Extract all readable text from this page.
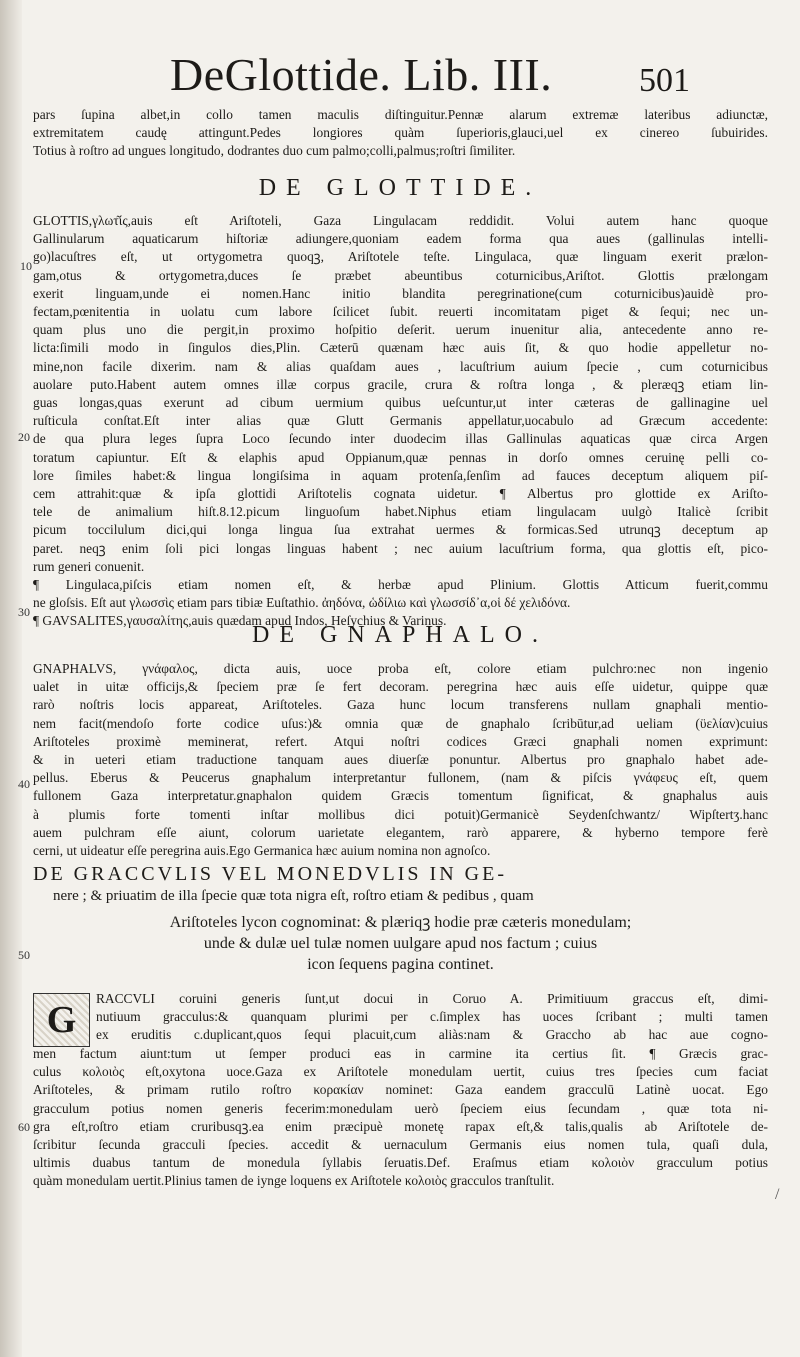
DeGlottide. Lib. III.	501
10
20
30
40
50
60

pars ſupina albet,in collo tamen maculis diſtinguitur.Pennæ alarum extremæ lateribus adiunctæ,

extremitatem caudę attingunt.Pedes longiores quàm ſuperioris,glauci,uel ex cinereo ſubuirides.

Totius à roſtro ad ungues longitudo, dodrantes duo cum palmo;colli,palmus;roſtri ſimiliter.

DE GLOTTIDE.

GLOTTIS,γλωτ͂ίς,auis eſt Ariſtoteli, Gaza Lingulacam reddidit. Volui autem hanc quoque

Gallinularum aquaticarum hiſtoriæ adiungere,quoniam eadem forma qua aues (gallinulas intelli-

go)lacuſtres eſt, ut ortygometra quoqꝫ, Ariſtotele teſte. Lingulaca, quæ linguam exerit prælon-

gam,otus & ortygometra,duces ſe præbet abeuntibus coturnicibus,Ariſtot. Glottis prælongam

exerit linguam,unde ei nomen.Hanc initio blandita peregrinatione(cum coturnicibus)auidè pro-

fectam,pœnitentia in uolatu cum labore ſcilicet ſubit. reuerti incomitatam piget & ſequi; nec un-

quam plus uno die pergit,in proximo hoſpitio deſerit. uerum inuenitur alia, antecedente anno re-

licta:ſimili modo in ſingulos dies,Plin. Cæterū quænam hæc auis ſit, & quo hodie appelletur no-

mine,non facile dixerim. nam & alias quaſdam aues , lacuſtrium auium ſpecie , cum coturnicibus

auolare puto.Habent autem omnes illæ corpus gracile, crura & roſtra longa , & pleræqꝫ etiam lin-

guas longas,quas exerunt ad cibum uermium quibus ueſcuntur,ut inter cæteras de gallinagine uel

ruſticula conſtat.Eſt inter alias quæ Glutt Germanis appellatur,uocabulo ad Græcum accedente:

de qua plura leges ſupra Loco ſecundo inter duodecim illas Gallinulas aquaticas quæ circa Argen

toratum capiuntur. Eſt & elaphis apud Oppianum,quæ pennas in dorſo omnes ceruinę pelli co-

lore ſimiles habet:& lingua longiſsima in aquam protenſa,ſenſim ad fauces deceptum aliquem piſ-

cem attrahit:quæ & ipſa glottidi Ariſtotelis cognata uidetur. ¶ Albertus pro glottide ex Ariſto-

tele de animalium hiſt.8.12.picum linguoſum habet.Niphus etiam lingulacam uulgò Italicè ſcribit

picum toccilulum dici,qui longa lingua ſua extrahat uermes & formicas.Sed utrunqꝫ deceptum ap

paret. neqꝫ enim ſoli pici longas linguas habent ; nec auium lacuſtrium forma, qua glottis eſt, pico-

rum generi conuenit.

¶ Lingulaca,piſcis etiam nomen eſt, & herbæ apud Plinium. Glottis Atticum fuerit,commu

ne gloſsis. Eſt aut γλωσσὶς etiam pars tibiæ Euſtathio. ἀηδόνα, ὡδίλιω καὶ γλωσσίδ᾽α,οἱ δέ χελιδόνα.

¶ GAVSALITES,γαυσαλίτης,auis quædam apud Indos, Heſychius & Varinus.

DE GNAPHALO.

GNAPHALVS, γνάφαλος, dicta auis, uoce proba eſt, colore etiam pulchro:nec non ingenio

ualet in uitæ officijs,& ſpeciem præ ſe fert decoram. peregrina hæc auis eſſe uidetur, quippe quæ

rarò noſtris locis appareat, Ariſtoteles. Gaza hunc locum transferens nullam gnaphali mentio-

nem facit(mendoſo forte codice uſus:)& omnia quæ de gnaphalo ſcribūtur,ad ueliam (ϋελίαν)cuius

Ariſtoteles proximè meminerat, refert. Atqui noſtri codices Græci gnaphali nomen exprimunt:

& in ueteri etiam traductione tanquam aues diuerſæ ponuntur. Albertus pro gnaphalo habet ade-

pellus. Eberus & Peucerus gnaphalum interpretantur fullonem, (nam & piſcis γνάφευς eſt, quem

fullonem Gaza interpretatur.gnaphalon quidem Græcis tomentum ſignificat, & gnaphalus auis

à plumis forte tomenti inſtar mollibus dici potuit)Germanicè Seydenſchwantz/ Wipſtertʒ.hanc

auem pulchram eſſe aiunt, colorum uarietate elegantem, rarò apparere, & hyberno tempore ferè

cerni, ut uideatur eſſe peregrina auis.Ego Germanica hæc auium nomina non agnoſco.

DE GRACCVLIS VEL MONEDVLIS IN GE-

nere ; & priuatim de illa ſpecie quæ tota nigra eſt, roſtro etiam & pedibus , quam

Ariſtoteles lycon cognominat: & plæriqꝫ hodie præ cæteris monedulam;

unde & dulæ uel tulæ nomen uulgare apud nos factum ; cuius

icon ſequens pagina continet.

G

RACCVLI coruini generis ſunt,ut docui in Coruo A. Primitiuum graccus eſt, dimi-

nutiuum gracculus:& quanquam plurimi per c.ſimplex has uoces ſcribant ; multi tamen

ex eruditis c.duplicant,quos ſequi placuit,cum aliàs:nam & Graccho ab hac aue cogno-

men factum aiunt:tum ut ſemper produci eas in carmine ita certius ſit. ¶ Græcis grac-

culus κολοιὸς eſt,oxytona uoce.Gaza ex Ariſtotele monedulam uertit, cuius tres ſpecies cum faciat

Ariſtoteles, & primam rutilo roſtro κορακίαν nominet: Gaza eandem gracculū Latinè uocat. Ego

gracculum potius nomen generis fecerim:monedulam uerò ſpeciem eius ſecundam , quæ tota ni-

gra eſt,roſtro etiam cruribusqꝫ.ea enim præcipuè monetę rapax eſt,& talis,qualis ab Ariſtotele de-

ſcribitur ſecunda gracculi ſpecies. accedit & uernaculum Germanis eius nomen tula, quaſi dula,

ultimis duabus tantum de monedula ſyllabis ſeruatis.Def. Eraſmus etiam κολοιὸν gracculum potius

quàm monedulam uertit.Plinius tamen de iynge loquens ex Ariſtotele κολοιὸς gracculos tranſtulit.

/
